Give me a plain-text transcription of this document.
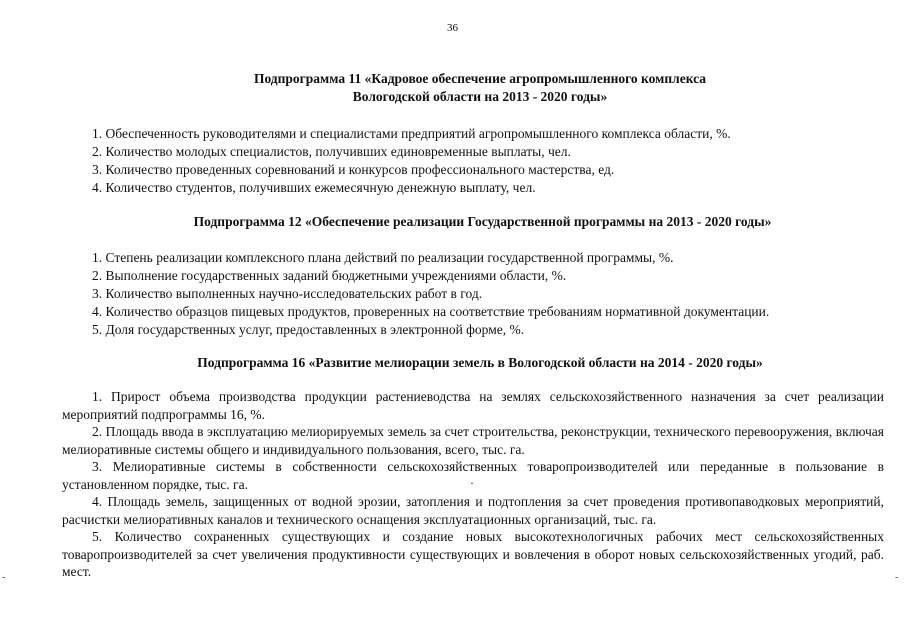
36
Подпрограмма 11 «Кадровое обеспечение агропромышленного комплекса
Вологодской области на 2013 - 2020 годы»
1. Обеспеченность руководителями и специалистами предприятий агропромышленного комплекса области, %.
2. Количество молодых специалистов, получивших единовременные выплаты, чел.
3. Количество проведенных соревнований и конкурсов профессионального мастерства, ед.
4. Количество студентов, получивших ежемесячную денежную выплату, чел.
Подпрограмма 12 «Обеспечение реализации Государственной программы на 2013 - 2020 годы»
1. Степень реализации комплексного плана действий по реализации государственной программы, %.
2. Выполнение государственных заданий бюджетными учреждениями области, %.
3. Количество выполненных научно-исследовательских работ в год.
4. Количество образцов пищевых продуктов, проверенных на соответствие требованиям нормативной документации.
5. Доля государственных услуг, предоставленных в электронной форме, %.
Подпрограмма 16 «Развитие мелиорации земель в Вологодской области на 2014 - 2020 годы»

1. Прирост объема производства продукции растениеводства на землях сельскохозяйственного назначения за счет реализации мероприятий подпрограммы 16, %.

2. Площадь ввода в эксплуатацию мелиорируемых земель за счет строительства, реконструкции, технического перевооружения, включая мелиоративные системы общего и индивидуального пользования, всего, тыс. га.

3. Мелиоративные системы в собственности сельскохозяйственных товаропроизводителей или переданные в пользование в установленном порядке, тыс. га.

4. Площадь земель, защищенных от водной эрозии, затопления и подтопления за счет проведения противопаводковых мероприятий, расчистки мелиоративных каналов и технического оснащения эксплуатационных организаций, тыс. га.

5. Количество сохраненных существующих и создание новых высокотехнологичных рабочих мест сельскохозяйственных товаропроизводителей за счет увеличения продуктивности существующих и вовлечения в оборот новых сельскохозяйственных угодий, раб. мест.

·
-	-
